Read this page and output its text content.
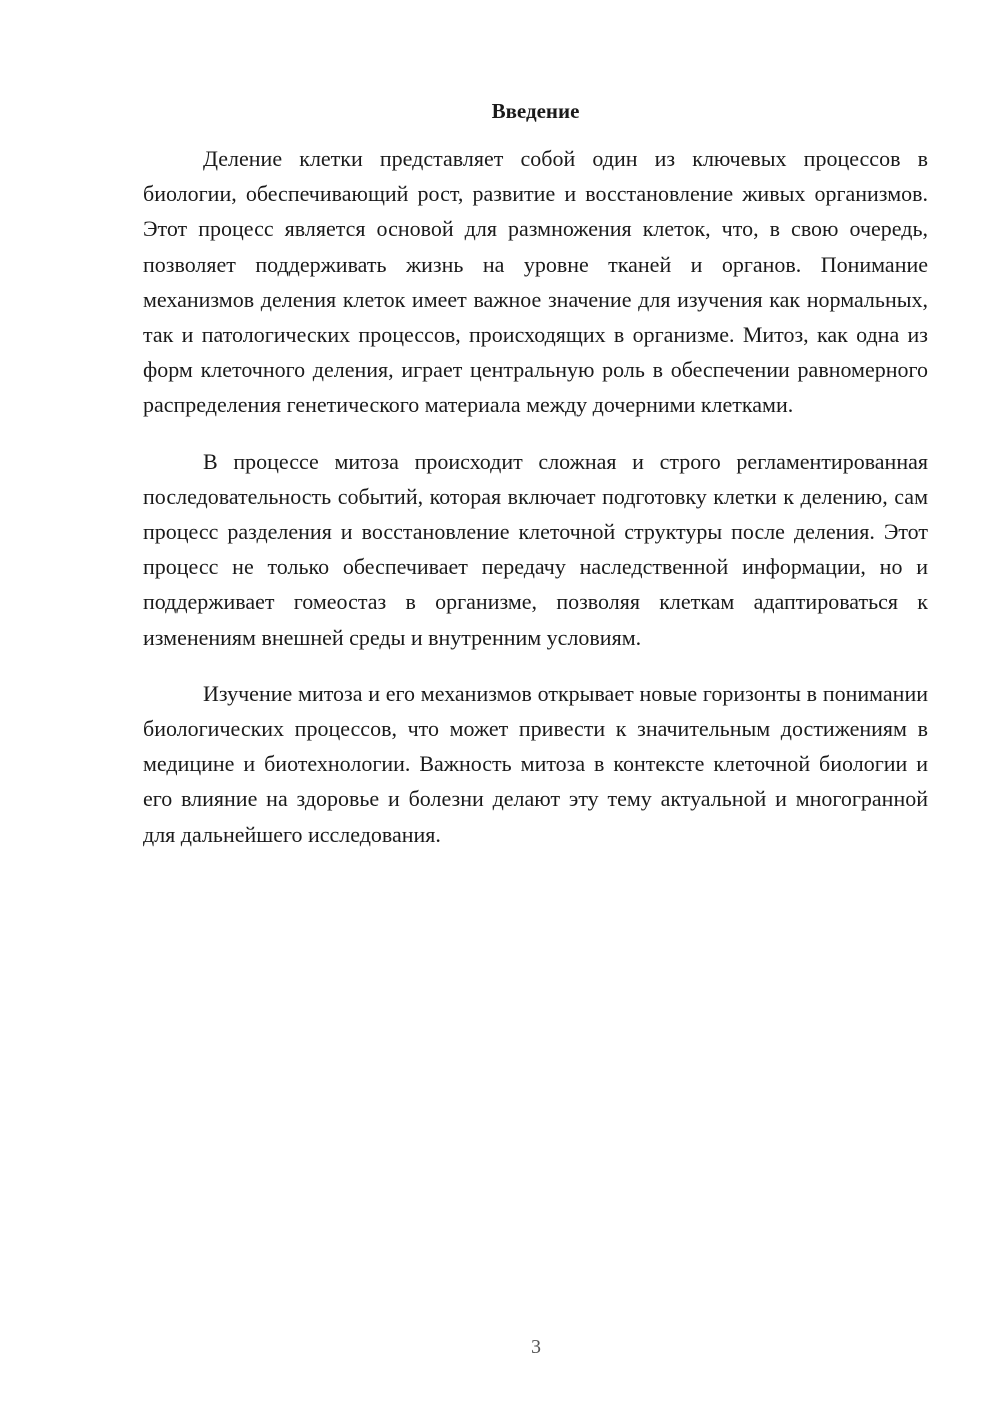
Введение

Деление клетки представляет собой один из ключевых процессов в биологии, обеспечивающий рост, развитие и восстановление живых организмов. Этот процесс является основой для размножения клеток, что, в свою очередь, позволяет поддерживать жизнь на уровне тканей и органов. Понимание механизмов деления клеток имеет важное значение для изучения как нормальных, так и патологических процессов, происходящих в организме. Митоз, как одна из форм клеточного деления, играет центральную роль в обеспечении равномерного распределения генетического материала между дочерними клетками.

В процессе митоза происходит сложная и строго регламентированная последовательность событий, которая включает подготовку клетки к делению, сам процесс разделения и восстановление клеточной структуры после деления. Этот процесс не только обеспечивает передачу наследственной информации, но и поддерживает гомеостаз в организме, позволяя клеткам адаптироваться к изменениям внешней среды и внутренним условиям.

Изучение митоза и его механизмов открывает новые горизонты в понимании биологических процессов, что может привести к значительным достижениям в медицине и биотехнологии. Важность митоза в контексте клеточной биологии и его влияние на здоровье и болезни делают эту тему актуальной и многогранной для дальнейшего исследования.

3
